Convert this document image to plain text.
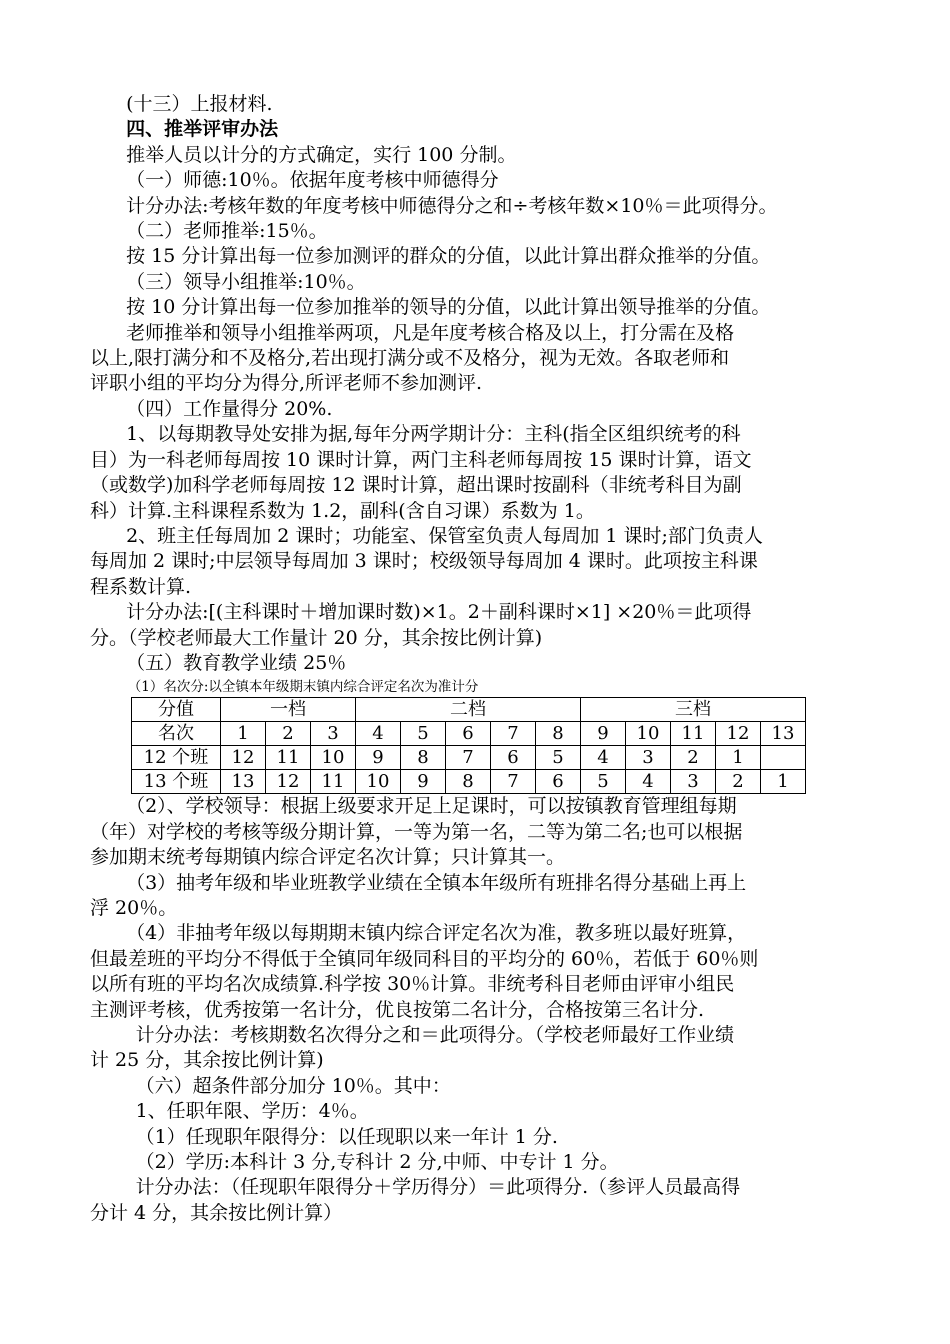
(十三）上报材料.
四、推举评审办法
推举人员以计分的方式确定，实行 100 分制。
（一）师德:10％。依据年度考核中师德得分
计分办法:考核年数的年度考核中师德得分之和÷考核年数×10％＝此项得分。
（二）老师推举:15％。
按 15 分计算出每一位参加测评的群众的分值，以此计算出群众推举的分值。
（三）领导小组推举:10％。
按 10 分计算出每一位参加推举的领导的分值，以此计算出领导推举的分值。
老师推举和领导小组推举两项，凡是年度考核合格及以上，打分需在及格
以上,限打满分和不及格分,若出现打满分或不及格分，视为无效。各取老师和
评职小组的平均分为得分,所评老师不参加测评.
（四）工作量得分 20%.
1、以每期教导处安排为据,每年分两学期计分：主科(指全区组织统考的科
目）为一科老师每周按 10 课时计算，两门主科老师每周按 15 课时计算，语文
（或数学)加科学老师每周按 12 课时计算，超出课时按副科（非统考科目为副
科）计算.主科课程系数为 1.2，副科(含自习课）系数为 1。
2、班主任每周加 2 课时；功能室、保管室负责人每周加 1 课时;部门负责人
每周加 2 课时;中层领导每周加 3 课时；校级领导每周加 4 课时。此项按主科课
程系数计算.
计分办法:[(主科课时＋增加课时数)×1。2＋副科课时×1] ×20％＝此项得
分。（学校老师最大工作量计 20 分，其余按比例计算)
（五）教育教学业绩 25％
（1）名次分:以全镇本年级期末镇内综合评定名次为准计分
分值	一档			二档					三档				
名次	1	2	3	4	5	6	7	8	9	10	11	12	13
12 个班	12	11	10	9	8	7	6	5	4	3	2	1	
13 个班	13	12	11	10	9	8	7	6	5	4	3	2	1
（2）、学校领导：根据上级要求开足上足课时，可以按镇教育管理组每期
（年）对学校的考核等级分期计算，一等为第一名，二等为第二名;也可以根据
参加期末统考每期镇内综合评定名次计算；只计算其一。
（3）抽考年级和毕业班教学业绩在全镇本年级所有班排名得分基础上再上
浮 20％。
（4）非抽考年级以每期期末镇内综合评定名次为准，教多班以最好班算，
但最差班的平均分不得低于全镇同年级同科目的平均分的 60％，若低于 60％则
以所有班的平均名次成绩算.科学按 30％计算。非统考科目老师由评审小组民
主测评考核，优秀按第一名计分，优良按第二名计分，合格按第三名计分.
计分办法：考核期数名次得分之和＝此项得分。（学校老师最好工作业绩
计 25 分，其余按比例计算)
（六）超条件部分加分 10％。其中：
1、任职年限、学历：4％。
（1）任现职年限得分：以任现职以来一年计 1 分.
（2）学历:本科计 3 分,专科计 2 分,中师、中专计 1 分。
计分办法：（任现职年限得分＋学历得分）＝此项得分.（参评人员最高得
分计 4 分，其余按比例计算）
